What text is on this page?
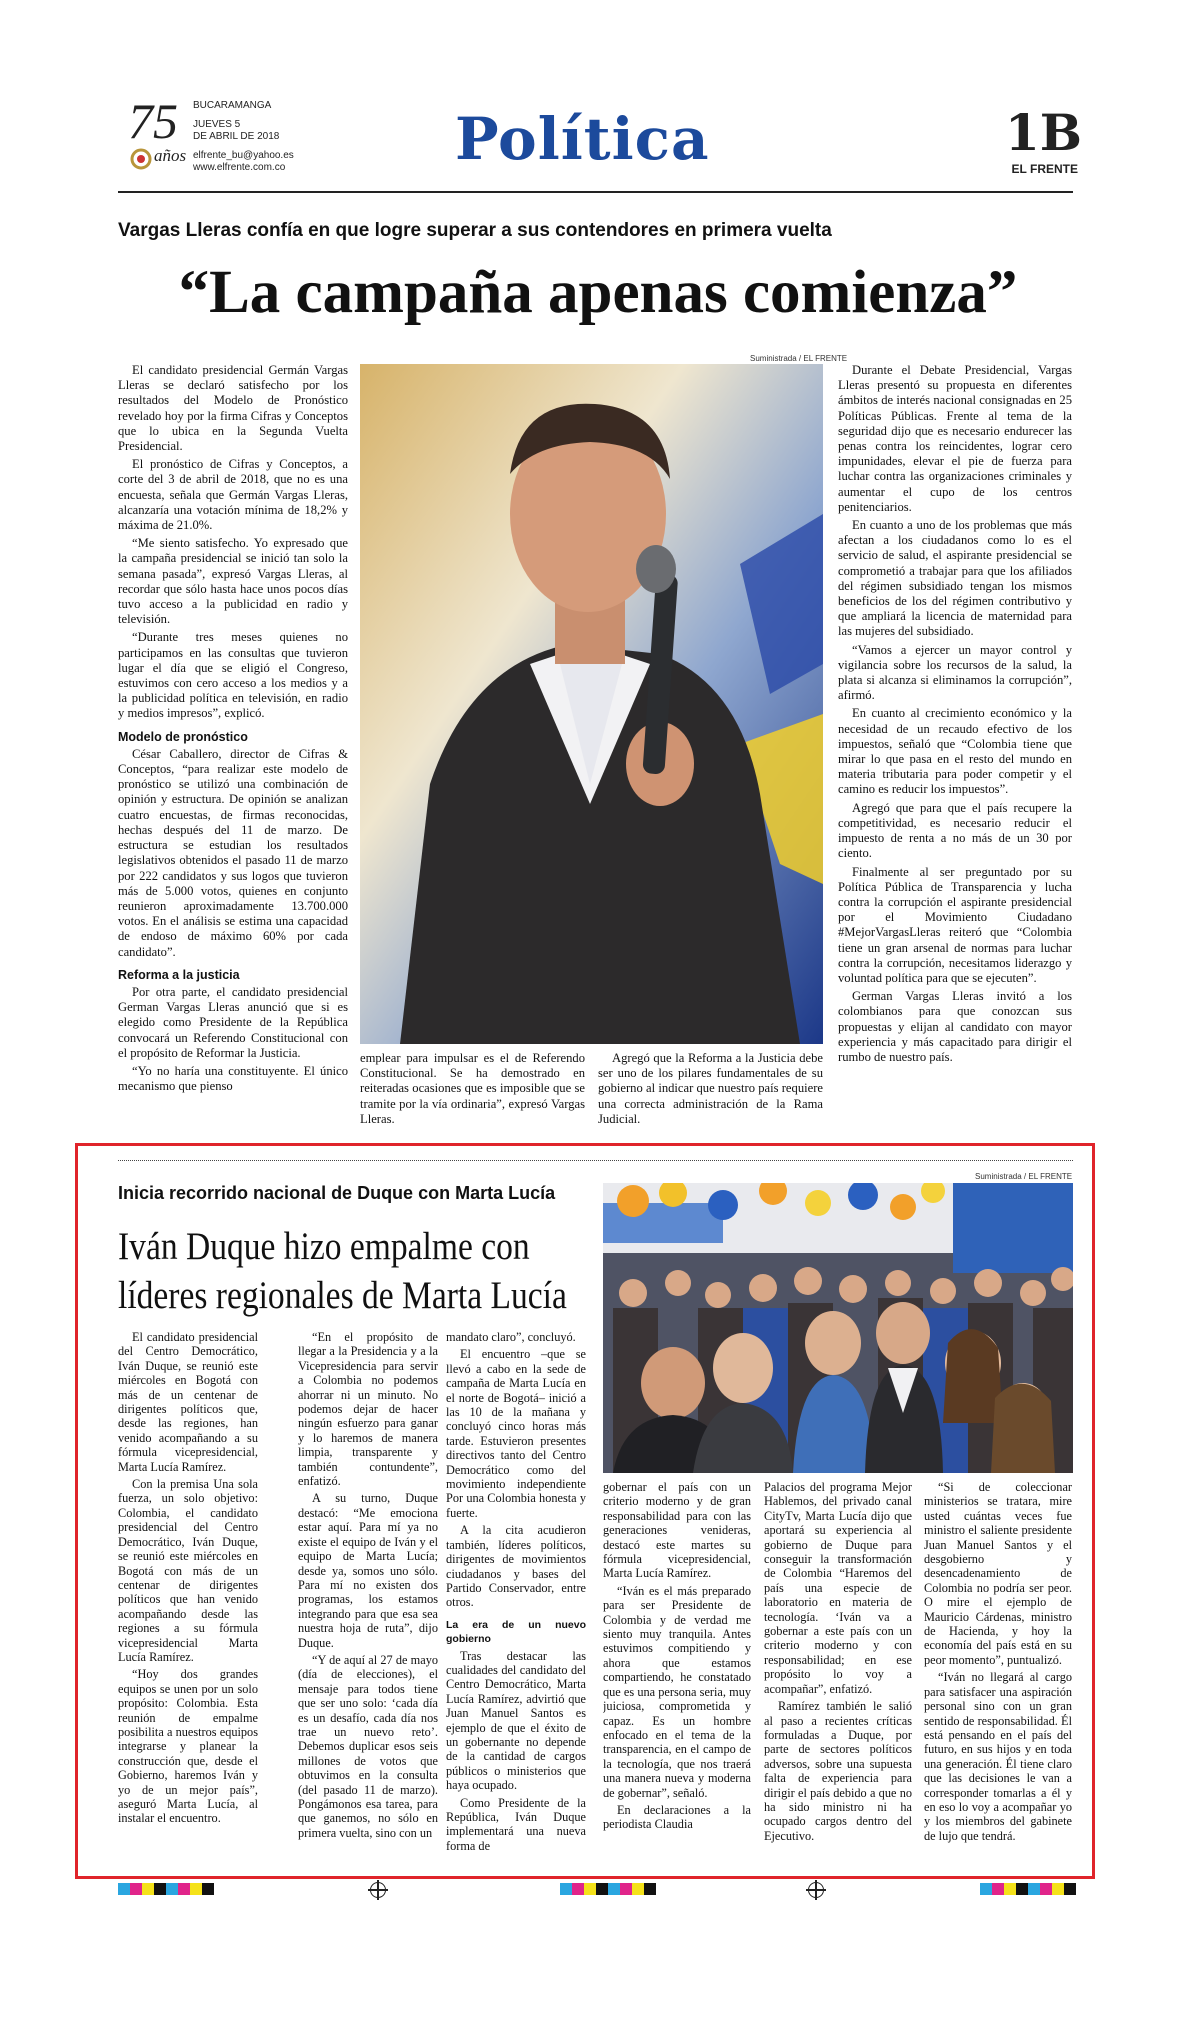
75
años
BUCARAMANGA
JUEVES 5
DE ABRIL DE 2018
elfrente_bu@yahoo.es
www.elfrente.com.co	Política	1B
EL FRENTE
Vargas Lleras confía en que logre superar a sus contendores en primera vuelta
“La campaña apenas comienza”

El candidato presidencial Germán Vargas Lleras se declaró satisfecho por los resultados del Modelo de Pronóstico revelado hoy por la firma Cifras y Conceptos que lo ubica en la Segunda Vuelta Presidencial.

El pronóstico de Cifras y Conceptos, a corte del 3 de abril de 2018, que no es una encuesta, señala que Germán Vargas Lleras, alcanzaría una votación mínima de 18,2% y máxima de 21.0%.

“Me siento satisfecho. Yo expresado que la campaña presidencial se inició tan solo la semana pasada”, expresó Vargas Lleras, al recordar que sólo hasta hace unos pocos días tuvo acceso a la publicidad en radio y televisión.

“Durante tres meses quienes no participamos en las consultas que tuvieron lugar el día que se eligió el Congreso, estuvimos con cero acceso a los medios y a la publicidad política en televisión, en radio y medios impresos”, explicó.

Modelo de pronóstico

César Caballero, director de Cifras & Conceptos, “para realizar este modelo de pronóstico se utilizó una combinación de opinión y estructura. De opinión se analizan cuatro encuestas, de firmas reconocidas, hechas después del 11 de marzo. De estructura se estudian los resultados legislativos obtenidos el pasado 11 de marzo por 222 candidatos y sus logos que tuvieron más de 5.000 votos, quienes en conjunto reunieron aproximadamente 13.700.000 votos. En el análisis se estima una capacidad de endoso de máximo 60% por cada candidato”.

Reforma a la justicia

Por otra parte, el candidato presidencial German Vargas Lleras anunció que si es elegido como Presidente de la República convocará un Referendo Constitucional con el propósito de Reformar la Justicia.

“Yo no haría una constituyente. El único mecanismo que pienso

Suministrada / EL FRENTE

emplear para impulsar es el de Referendo Constitucional. Se ha demostrado en reiteradas ocasiones que es imposible que se tramite por la vía ordinaria”, expresó Vargas Lleras.

Agregó que la Reforma a la Justicia debe ser uno de los pilares fundamentales de su gobierno al indicar que nuestro país requiere una correcta administración de la Rama Judicial.

Durante el Debate Presidencial, Vargas Lleras presentó su propuesta en diferentes ámbitos de interés nacional consignadas en 25 Políticas Públicas. Frente al tema de la seguridad dijo que es necesario endurecer las penas contra los reincidentes, lograr cero impunidades, elevar el pie de fuerza para luchar contra las organizaciones criminales y aumentar el cupo de los centros penitenciarios.

En cuanto a uno de los problemas que más afectan a los ciudadanos como lo es el servicio de salud, el aspirante presidencial se comprometió a trabajar para que los afiliados del régimen subsidiado tengan los mismos beneficios de los del régimen contributivo y que ampliará la licencia de maternidad para las mujeres del subsidiado.

“Vamos a ejercer un mayor control y vigilancia sobre los recursos de la salud, la plata si alcanza si eliminamos la corrupción”, afirmó.

En cuanto al crecimiento económico y la necesidad de un recaudo efectivo de los impuestos, señaló que “Colombia tiene que mirar lo que pasa en el resto del mundo en materia tributaria para poder competir y el camino es reducir los impuestos”.

Agregó que para que el país recupere la competitividad, es necesario reducir el impuesto de renta a no más de un 30 por ciento.

Finalmente al ser preguntado por su Política Pública de Transparencia y lucha contra la corrupción el aspirante presidencial por el Movimiento Ciudadano #MejorVargasLleras reiteró que “Colombia tiene un gran arsenal de normas para luchar contra la corrupción, necesitamos liderazgo y voluntad política para que se ejecuten”.

German Vargas Lleras invitó a los colombianos para que conozcan sus propuestas y elijan al candidato con mayor experiencia y más capacitado para dirigir el rumbo de nuestro país.

Inicia recorrido nacional de Duque con Marta Lucía
Iván Duque hizo empalme con
líderes regionales de Marta Lucía
Suministrada / EL FRENTE

El candidato presidencial del Centro Democrático, Iván Duque, se reunió este miércoles en Bogotá con más de un centenar de dirigentes políticos que, desde las regiones, han venido acompañando a su fórmula vicepresidencial, Marta Lucía Ramírez.

Con la premisa Una sola fuerza, un solo objetivo: Colombia, el candidato presidencial del Centro Democrático, Iván Duque, se reunió este miércoles en Bogotá con más de un centenar de dirigentes políticos que han venido acompañando desde las regiones a su fórmula vicepresidencial Marta Lucía Ramírez.

“Hoy dos grandes equipos se unen por un solo propósito: Colombia. Esta reunión de empalme posibilita a nuestros equipos integrarse y planear la construcción que, desde el Gobierno, haremos Iván y yo de un mejor país”, aseguró Marta Lucía, al instalar el encuentro.

“En el propósito de llegar a la Presidencia y a la Vicepresidencia para servir a Colombia no podemos ahorrar ni un minuto. No podemos dejar de hacer ningún esfuerzo para ganar y lo haremos de manera limpia, transparente y también contundente”, enfatizó.

A su turno, Duque destacó: “Me emociona estar aquí. Para mí ya no existe el equipo de Iván y el equipo de Marta Lucía; desde ya, somos uno sólo. Para mí no existen dos programas, los estamos integrando para que esa sea nuestra hoja de ruta”, dijo Duque.

“Y de aquí al 27 de mayo (día de elecciones), el mensaje para todos tiene que ser uno solo: ‘cada día es un desafío, cada día nos trae un nuevo reto’. Debemos duplicar esos seis millones de votos que obtuvimos en la consulta (del pasado 11 de marzo). Pongámonos esa tarea, para que ganemos, no sólo en primera vuelta, sino con un

mandato claro”, concluyó.

El encuentro –que se llevó a cabo en la sede de campaña de Marta Lucía en el norte de Bogotá– inició a las 10 de la mañana y concluyó cinco horas más tarde. Estuvieron presentes directivos tanto del Centro Democrático como del movimiento independiente Por una Colombia honesta y fuerte.

A la cita acudieron también, líderes políticos, dirigentes de movimientos ciudadanos y bases del Partido Conservador, entre otros.

La era de un nuevo gobierno

Tras destacar las cualidades del candidato del Centro Democrático, Marta Lucía Ramírez, advirtió que Juan Manuel Santos es ejemplo de que el éxito de un gobernante no depende de la cantidad de cargos públicos o ministerios que haya ocupado.

Como Presidente de la República, Iván Duque implementará una nueva forma de

gobernar el país con un criterio moderno y de gran responsabilidad para con las generaciones venideras, destacó este martes su fórmula vicepresidencial, Marta Lucía Ramírez.

“Iván es el más preparado para ser Presidente de Colombia y de verdad me siento muy tranquila. Antes estuvimos compitiendo y ahora que estamos compartiendo, he constatado que es una persona seria, muy juiciosa, comprometida y capaz. Es un hombre enfocado en el tema de la transparencia, en el campo de la tecnología, que nos traerá una manera nueva y moderna de gobernar”, señaló.

En declaraciones a la periodista Claudia

Palacios del programa Mejor Hablemos, del privado canal CityTv, Marta Lucía dijo que aportará su experiencia al gobierno de Duque para conseguir la transformación de Colombia “Haremos del país una especie de laboratorio en materia de tecnología. ‘Iván va a gobernar a este país con un criterio moderno y con responsabilidad; en ese propósito lo voy a acompañar”, enfatizó.

Ramírez también le salió al paso a recientes críticas formuladas a Duque, por parte de sectores políticos adversos, sobre una supuesta falta de experiencia para dirigir el país debido a que no ha sido ministro ni ha ocupado cargos dentro del Ejecutivo.

“Si de coleccionar ministerios se tratara, mire usted cuántas veces fue ministro el saliente presidente Juan Manuel Santos y el desgobierno y desencadenamiento de Colombia no podría ser peor. O mire el ejemplo de Mauricio Cárdenas, ministro de Hacienda, y hoy la economía del país está en su peor momento”, puntualizó.

“Iván no llegará al cargo para satisfacer una aspiración personal sino con un gran sentido de responsabilidad. Él está pensando en el país del futuro, en sus hijos y en toda una generación. Él tiene claro que las decisiones le van a corresponder tomarlas a él y en eso lo voy a acompañar yo y los miembros del gabinete de lujo que tendrá.
